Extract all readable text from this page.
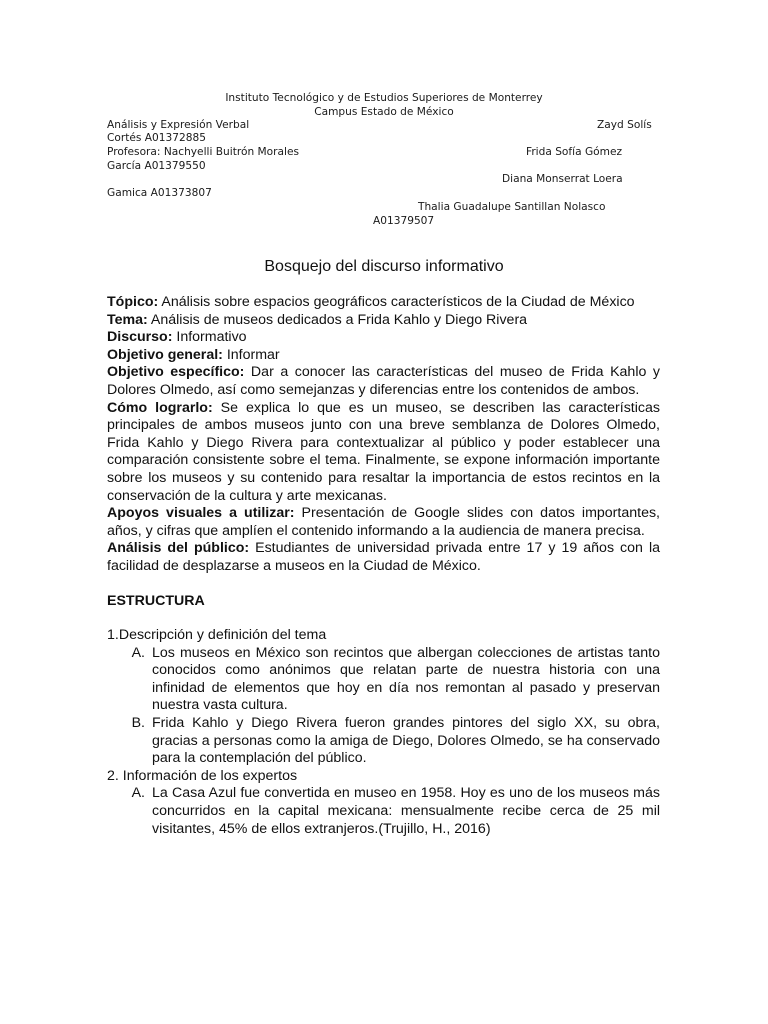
Instituto Tecnológico y de Estudios Superiores de Monterrey
Campus Estado de México
Análisis y Expresión Verbal	Zayd Solís
Cortés A01372885
Profesora: Nachyelli Buitrón Morales	Frida Sofía Gómez
García A01379550
Diana Monserrat Loera
Gamica A01373807
Thalia Guadalupe Santillan Nolasco
A01379507
Bosquejo del discurso informativo

Tópico: Análisis sobre espacios geográficos característicos de la Ciudad de México

Tema: Análisis de museos dedicados a Frida Kahlo y Diego Rivera

Discurso: Informativo

Objetivo general: Informar

Objetivo específico: Dar a conocer las características del museo de Frida Kahlo y Dolores Olmedo, así como semejanzas y diferencias entre los contenidos de ambos.

Cómo lograrlo: Se explica lo que es un museo, se describen las características principales de ambos museos junto con una breve semblanza de Dolores Olmedo, Frida Kahlo y Diego Rivera para contextualizar al público y poder establecer una comparación consistente sobre el tema. Finalmente, se expone información importante sobre los museos y su contenido para resaltar la importancia de estos recintos en la conservación de la cultura y arte mexicanas.

Apoyos visuales a utilizar: Presentación de Google slides con datos importantes, años, y cifras que amplíen el contenido informando a la audiencia de manera precisa.

Análisis del público: Estudiantes de universidad privada entre 17 y 19 años con la facilidad de desplazarse a museos en la Ciudad de México.

ESTRUCTURA

1.Descripción y definición del tema

A. Los museos en México son recintos que albergan colecciones de artistas tanto conocidos como anónimos que relatan parte de nuestra historia con una infinidad de elementos que hoy en día nos remontan al pasado y preservan nuestra vasta cultura.
B. Frida Kahlo y Diego Rivera fueron grandes pintores del siglo XX, su obra, gracias a personas como la amiga de Diego, Dolores Olmedo, se ha conservado para la contemplación del público.

2. Información de los expertos

A. La Casa Azul fue convertida en museo en 1958. Hoy es uno de los museos más concurridos en la capital mexicana: mensualmente recibe cerca de 25 mil visitantes, 45% de ellos extranjeros.(Trujillo, H., 2016)
